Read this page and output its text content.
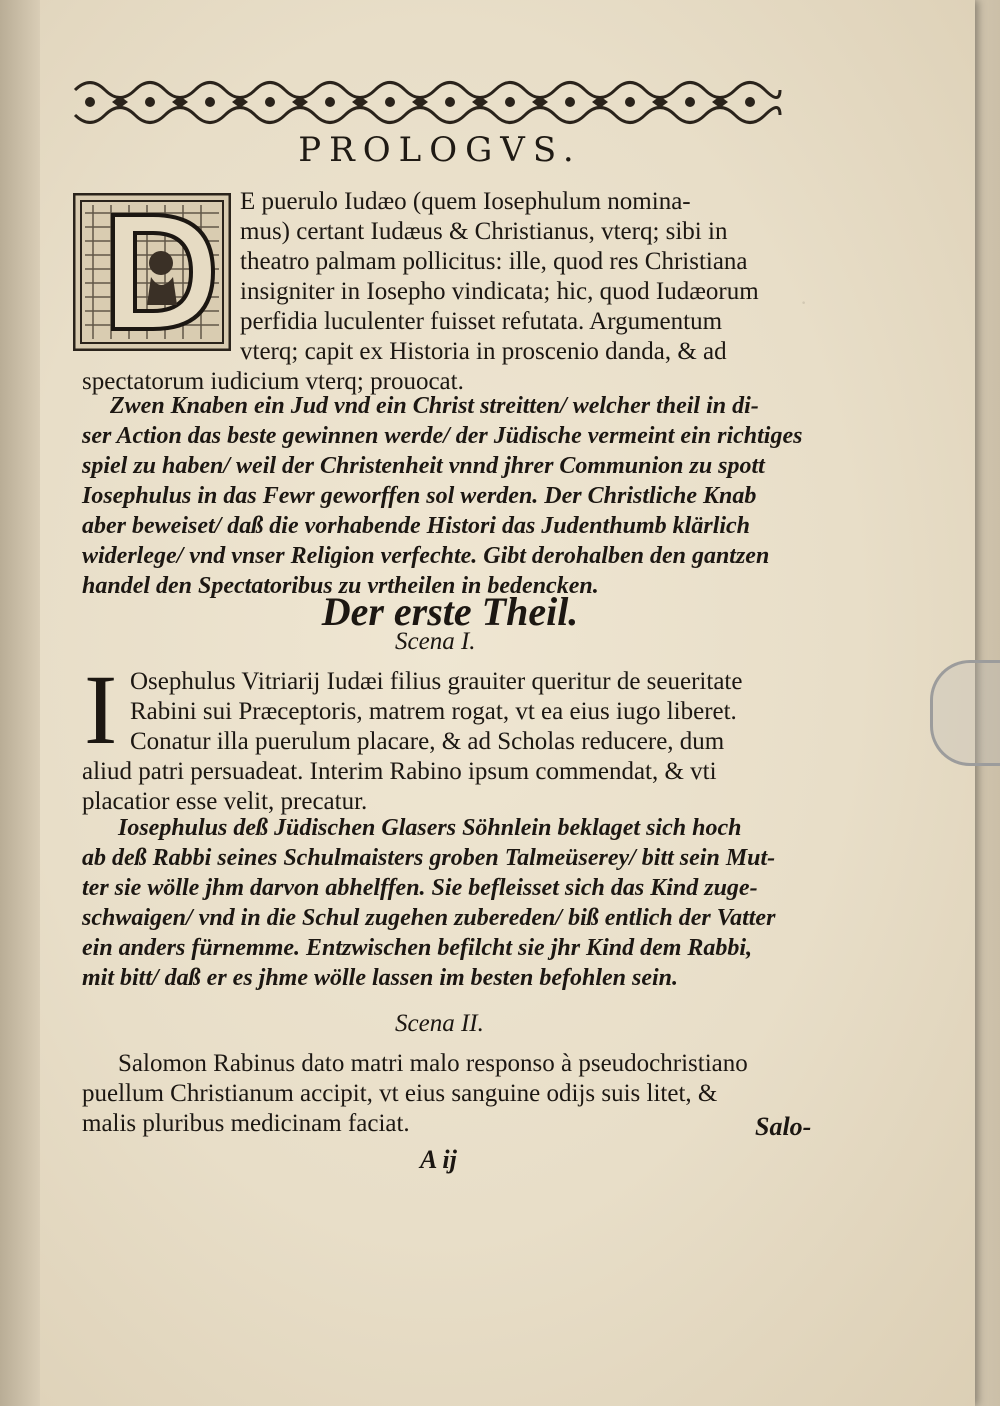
·
PROLOGVS.
E puerulo Iudæo (quem Iosephulum nomina-
mus) certant Iudæus & Christianus, vterq; sibi in
theatro palmam pollicitus: ille, quod res Christiana
insigniter in Iosepho vindicata; hic, quod Iudæorum
perfidia luculenter fuisset refutata. Argumentum
vterq; capit ex Historia in proscenio danda, & ad
spectatorum iudicium vterq; prouocat.
Zwen Knaben ein Jud vnd ein Christ streitten/ welcher theil in di-
ser Action das beste gewinnen werde/ der Jüdische vermeint ein richtiges
spiel zu haben/ weil der Christenheit vnnd jhrer Communion zu spott
Iosephulus in das Fewr geworffen sol werden. Der Christliche Knab
aber beweiset/ daß die vorhabende Histori das Judenthumb klärlich
widerlege/ vnd vnser Religion verfechte. Gibt derohalben den gantzen
handel den Spectatoribus zu vrtheilen in bedencken.
Der erste Theil.
Scena I.
I Osephulus Vitriarij Iudæi filius grauiter queritur de seueritate
Rabini sui Præceptoris, matrem rogat, vt ea eius iugo liberet.
Conatur illa puerulum placare, & ad Scholas reducere, dum
aliud patri persuadeat. Interim Rabino ipsum commendat, & vti
placatior esse velit, precatur.
Iosephulus deß Jüdischen Glasers Söhnlein beklaget sich hoch
ab deß Rabbi seines Schulmaisters groben Talmeüserey/ bitt sein Mut-
ter sie wölle jhm darvon abhelffen. Sie befleisset sich das Kind zuge-
schwaigen/ vnd in die Schul zugehen zubereden/ biß entlich der Vatter
ein anders fürnemme. Entzwischen befilcht sie jhr Kind dem Rabbi,
mit bitt/ daß er es jhme wölle lassen im besten befohlen sein.
Scena II.
Salomon Rabinus dato matri malo responso à pseudochristiano
puellum Christianum accipit, vt eius sanguine odijs suis litet, &
malis pluribus medicinam faciat.
A ij
Salo-
